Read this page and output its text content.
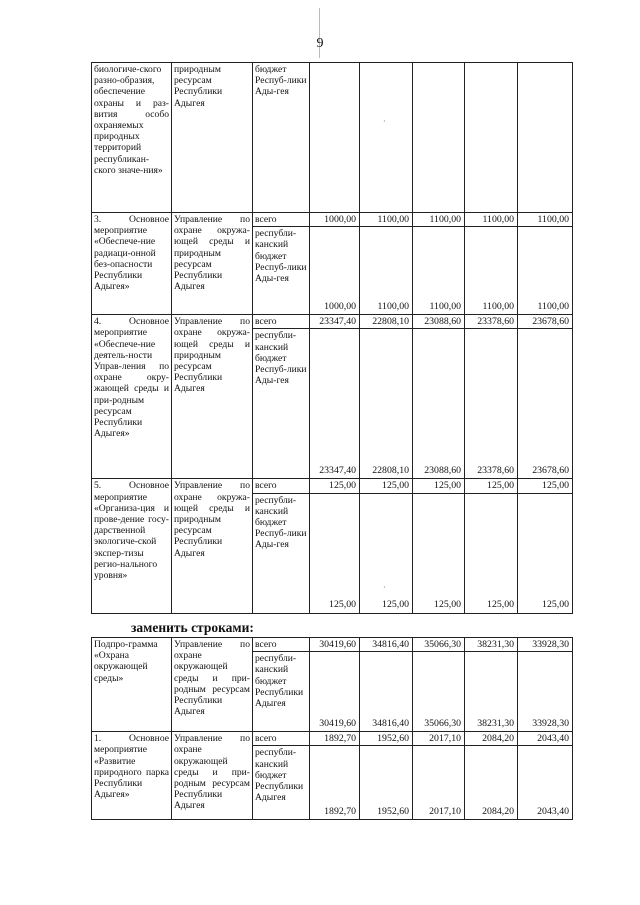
9
биологиче-ского разно-образия, обеспечение охраны и раз-вития особо охраняемых природных территорий республикан-ского значе-ния»	природным ресурсам Республики Адыгея	бюджет Респуб-лики Ады-гея					
3. Основное мероприятие «Обеспече-ние радиаци-онной без-опасности Республики Адыгея»	Управление по охране окружа-ющей среды и природным ресурсам Республики Адыгея	всего	1000,00	1100,00	1100,00	1100,00	1100,00
		республи-канский бюджет Респуб-лики Ады-гея	1000,00	1100,00	1100,00	1100,00	1100,00
4. Основное мероприятие «Обеспече-ние деятель-ности Управ-ления по охране окру-жающей среды и при-родным ресурсам Республики Адыгея»	Управление по охране окружа-ющей среды и природным ресурсам Республики Адыгея	всего	23347,40	22808,10	23088,60	23378,60	23678,60
		республи-канский бюджет Респуб-лики Ады-гея	23347,40	22808,10	23088,60	23378,60	23678,60
5. Основное мероприятие «Организа-ция и прове-дение госу-дарственной экологиче-ской экспер-тизы регио-нального уровня»	Управление по охране окружа-ющей среды и природным ресурсам Республики Адыгея	всего	125,00	125,00	125,00	125,00	125,00
		республи-канский бюджет Респуб-лики Ады-гея	125,00	125,00	125,00	125,00	125,00
·
·
заменить строками:
Подпро-грамма «Охрана окружающей среды»	Управление по охране окружающей среды и при-родным ресурсам Республики Адыгея	всего	30419,60	34816,40	35066,30	38231,30	33928,30
		республи-канский бюджет Республики Адыгея	30419,60	34816,40	35066,30	38231,30	33928,30
1. Основное мероприятие «Развитие природного парка Республики Адыгея»	Управление по охране окружающей среды и при-родным ресурсам Республики Адыгея	всего	1892,70	1952,60	2017,10	2084,20	2043,40
		республи-канский бюджет Республики Адыгея	1892,70	1952,60	2017,10	2084,20	2043,40
